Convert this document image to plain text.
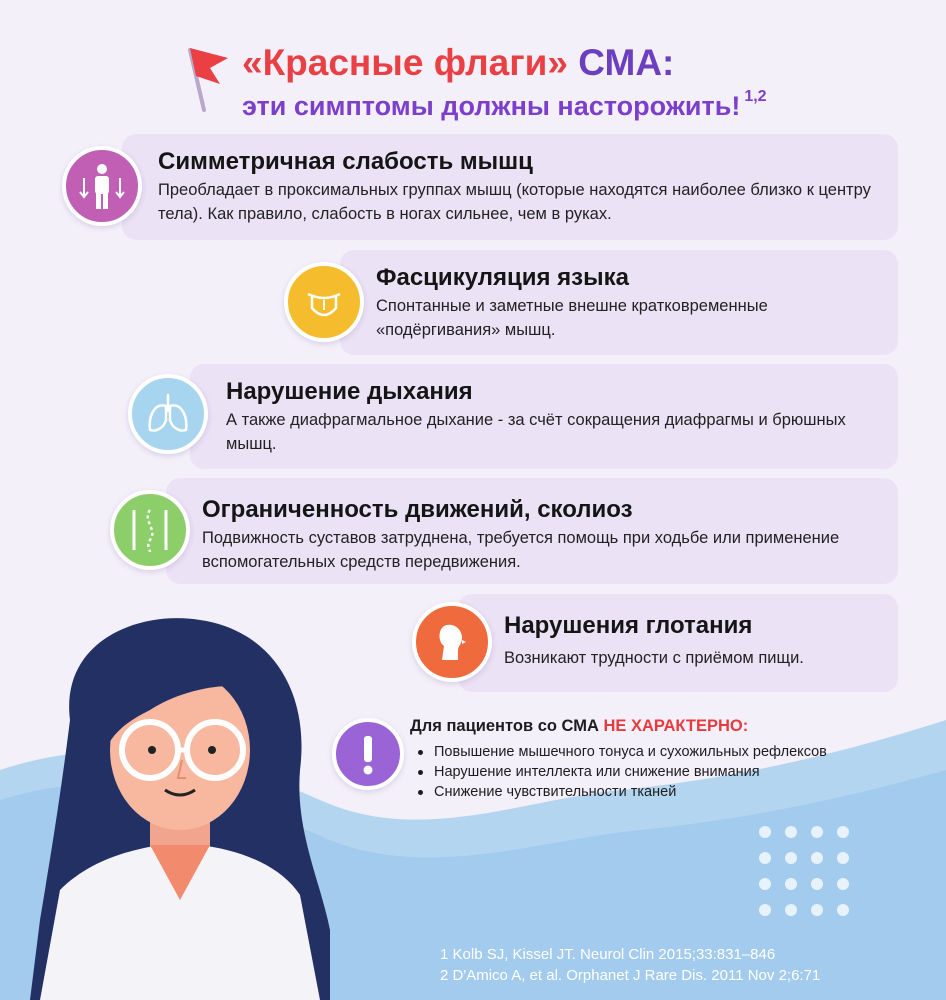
«Красные флаги» СМА:
эти симптомы должны насторожить! $^{1,2}$
Симметричная слабость мышц
Преобладает в проксимальных группах мышц (которые находятся наиболее близко к центру тела). Как правило, слабость в ногах сильнее, чем в руках.
Фасцикуляция языка
Спонтанные и заметные внешне кратковременные «подёргивания» мышц.
Нарушение дыхания
А также диафрагмальное дыхание - за счёт сокращения диафрагмы и брюшных мышц.
Ограниченность движений, сколиоз
Подвижность суставов затруднена, требуется помощь при ходьбе или применение вспомогательных средств передвижения.
Нарушения глотания
Возникают трудности с приёмом пищи.
Для пациентов со СМА НЕ ХАРАКТЕРНО:
Повышение мышечного тонуса и сухожильных рефлексов
Нарушение интеллекта или снижение внимания
Снижение чувствительности тканей
1 Kolb SJ, Kissel JT. Neurol Clin 2015;33:831–846
2 D'Amico A, et al. Orphanet J Rare Dis. 2011 Nov 2;6:71
